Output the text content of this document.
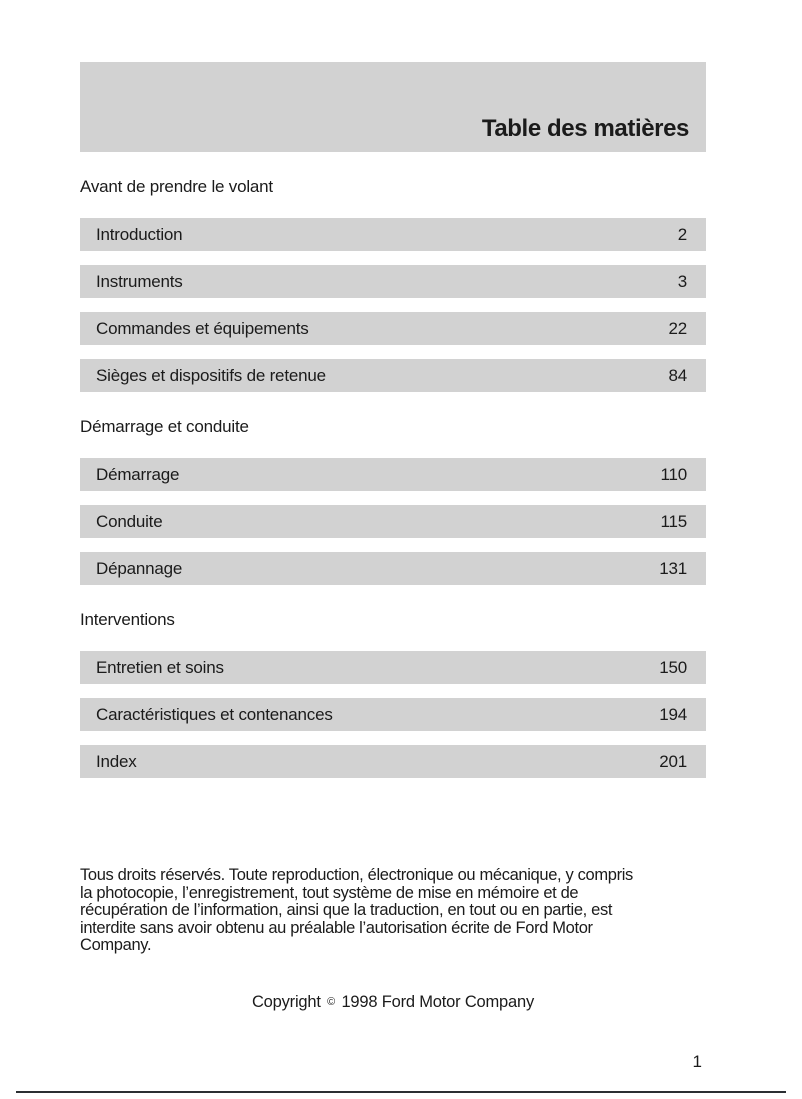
Table des matières
Avant de prendre le volant
Introduction	2
Instruments	3
Commandes et équipements	22
Sièges et dispositifs de retenue	84
Démarrage et conduite
Démarrage	110
Conduite	115
Dépannage	131
Interventions
Entretien et soins	150
Caractéristiques et contenances	194
Index	201
Tous droits réservés. Toute reproduction, électronique ou mécanique, y compris
la photocopie, l’enregistrement, tout système de mise en mémoire et de
récupération de l’information, ainsi que la traduction, en tout ou en partie, est
interdite sans avoir obtenu au préalable l’autorisation écrite de Ford Motor
Company.
Copyright © 1998 Ford Motor Company
1
